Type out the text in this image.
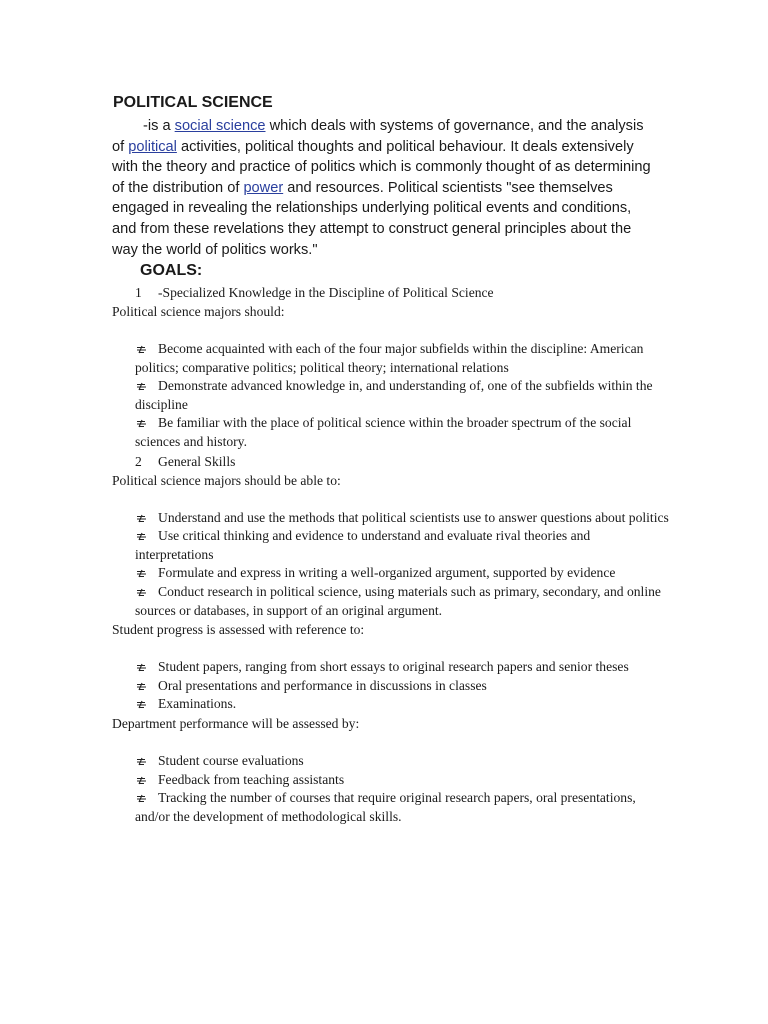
POLITICAL SCIENCE
-is a social science which deals with systems of governance, and the analysis of political activities, political thoughts and political behaviour. It deals extensively with the theory and practice of politics which is commonly thought of as determining of the distribution of power and resources. Political scientists "see themselves engaged in revealing the relationships underlying political events and conditions, and from these revelations they attempt to construct general principles about the way the world of politics works."
GOALS:
1 -Specialized Knowledge in the Discipline of Political Science
Political science majors should:
Become acquainted with each of the four major subfields within the discipline: American politics; comparative politics; political theory; international relations
Demonstrate advanced knowledge in, and understanding of, one of the subfields within the discipline
Be familiar with the place of political science within the broader spectrum of the social sciences and history.
2 General Skills
Political science majors should be able to:
Understand and use the methods that political scientists use to answer questions about politics
Use critical thinking and evidence to understand and evaluate rival theories and interpretations
Formulate and express in writing a well-organized argument, supported by evidence
Conduct research in political science, using materials such as primary, secondary, and online sources or databases, in support of an original argument.
Student progress is assessed with reference to:
Student papers, ranging from short essays to original research papers and senior theses
Oral presentations and performance in discussions in classes
Examinations.
Department performance will be assessed by:
Student course evaluations
Feedback from teaching assistants
Tracking the number of courses that require original research papers, oral presentations, and/or the development of methodological skills.
